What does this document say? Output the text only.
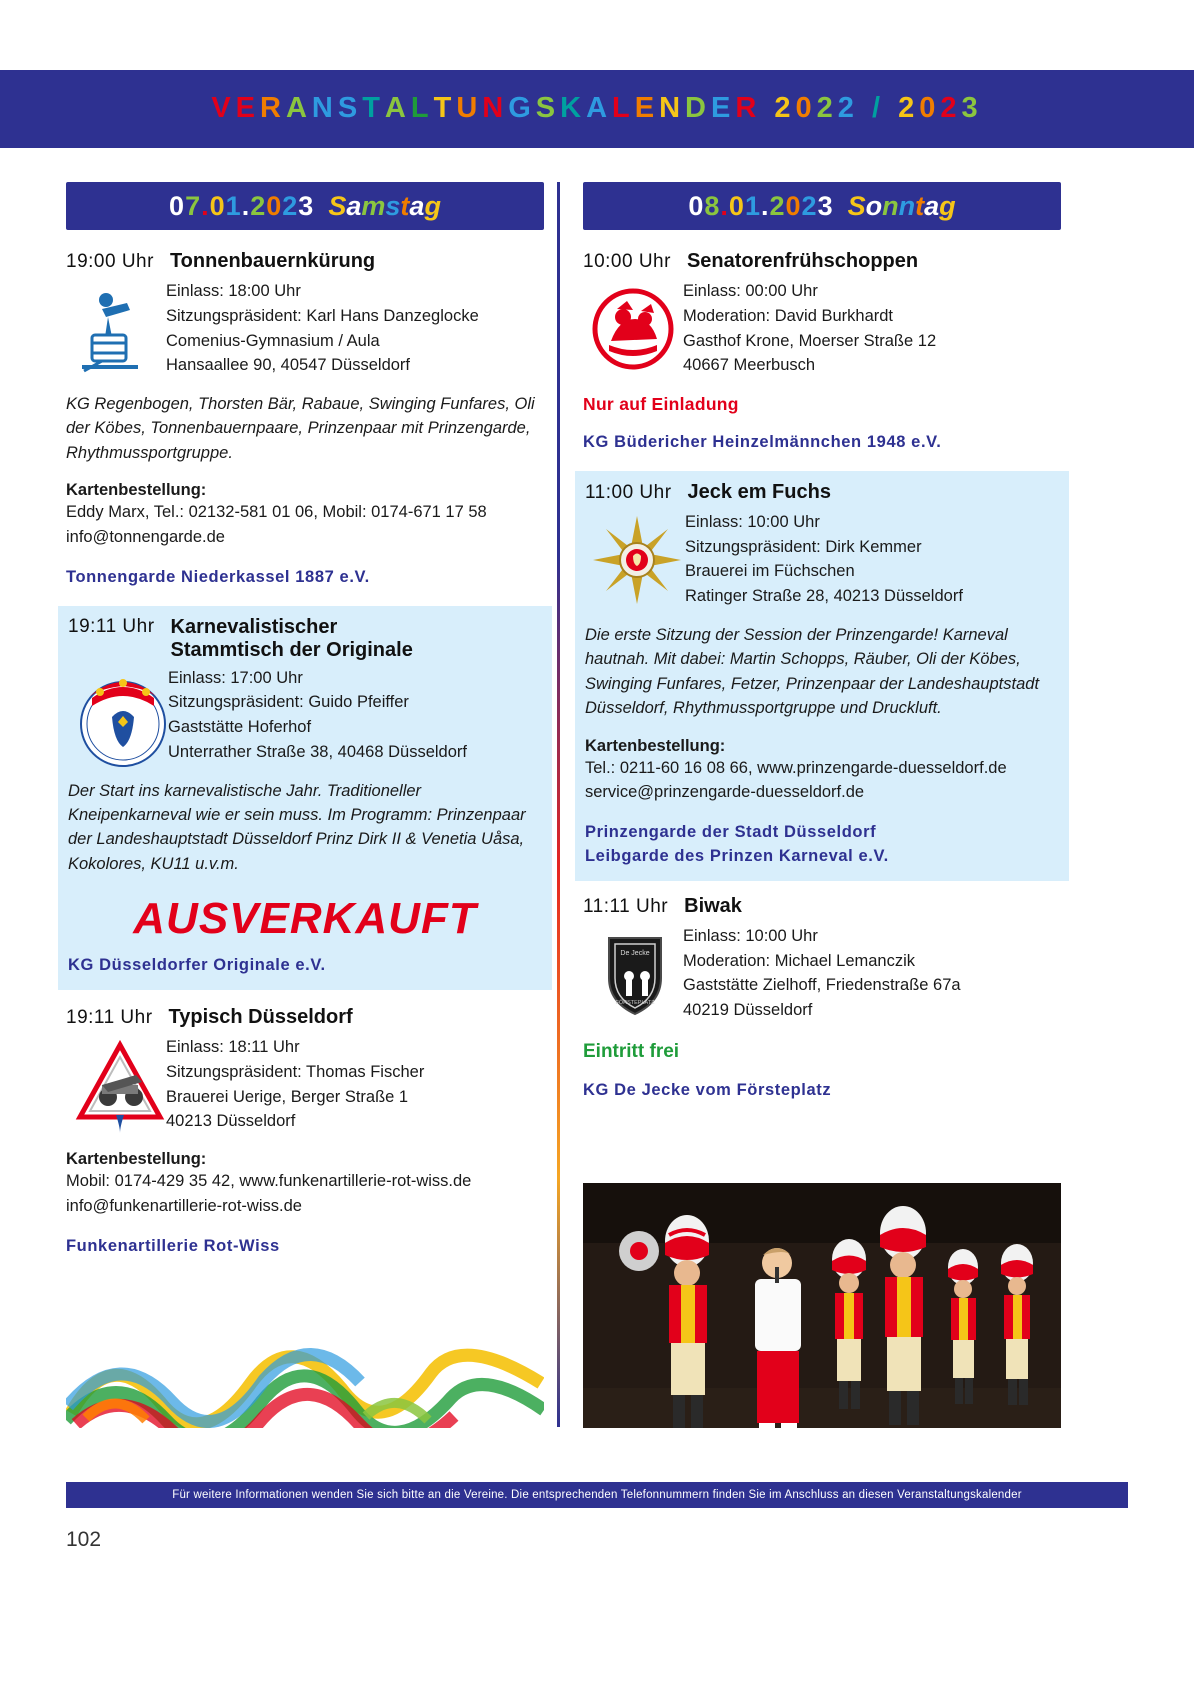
VERANSTALTUNGSKALENDER 2022 / 2023
07.01.2023 Samstag
19:00 Uhr Tonnenbauernkürung
Einlass: 18:00 Uhr
Sitzungspräsident: Karl Hans Danzeglocke
Comenius-Gymnasium / Aula
Hansaallee 90, 40547 Düsseldorf
KG Regenbogen, Thorsten Bär, Rabaue, Swinging Funfares, Oli der Köbes, Tonnenbauernpaare, Prinzenpaar mit Prinzengarde, Rhythmussportgruppe.
Kartenbestellung:
Eddy Marx, Tel.: 02132-581 01 06, Mobil: 0174-671 17 58
info@tonnengarde.de
Tonnengarde Niederkassel 1887 e.V.
19:11 Uhr Karnevalistischer
Stammtisch der Originale
Einlass: 17:00 Uhr
Sitzungspräsident: Guido Pfeiffer
Gaststätte Hoferhof
Unterrather Straße 38, 40468 Düsseldorf
Der Start ins karnevalistische Jahr. Traditioneller Kneipenkarneval wie er sein muss. Im Programm: Prinzenpaar der Landeshauptstadt Düsseldorf Prinz Dirk II & Venetia Uåsa, Kokolores, KU11 u.v.m.
AUSVERKAUFT
KG Düsseldorfer Originale e.V.
19:11 Uhr Typisch Düsseldorf
Einlass: 18:11 Uhr
Sitzungspräsident: Thomas Fischer
Brauerei Uerige, Berger Straße 1
40213 Düsseldorf
Kartenbestellung:
Mobil: 0174-429 35 42, www.funkenartillerie-rot-wiss.de
info@funkenartillerie-rot-wiss.de
Funkenartillerie Rot-Wiss
08.01.2023 Sonntag
10:00 Uhr Senatorenfrühschoppen
Einlass: 00:00 Uhr
Moderation: David Burkhardt
Gasthof Krone, Moerser Straße 12
40667 Meerbusch
Nur auf Einladung
KG Büdericher Heinzelmännchen 1948 e.V.
11:00 Uhr Jeck em Fuchs
Einlass: 10:00 Uhr
Sitzungspräsident: Dirk Kemmer
Brauerei im Füchschen
Ratinger Straße 28, 40213 Düsseldorf
Die erste Sitzung der Session der Prinzengarde! Karneval hautnah. Mit dabei: Martin Schopps, Räuber, Oli der Köbes, Swinging Funfares, Fetzer, Prinzenpaar der Landeshauptstadt Düsseldorf, Rhythmussportgruppe und Druckluft.
Kartenbestellung:
Tel.: 0211-60 16 08 66, www.prinzengarde-duesseldorf.de
service@prinzengarde-duesseldorf.de
Prinzengarde der Stadt Düsseldorf
Leibgarde des Prinzen Karneval e.V.
11:11 Uhr Biwak
De Jecke
FÖRSTEPLATZ
Einlass: 10:00 Uhr
Moderation: Michael Lemanczik
Gaststätte Zielhoff, Friedenstraße 67a
40219 Düsseldorf
Eintritt frei
KG De Jecke vom Försteplatz
Für weitere Informationen wenden Sie sich bitte an die Vereine. Die entsprechenden Telefonnummern finden Sie im Anschluss an diesen Veranstaltungskalender
102
